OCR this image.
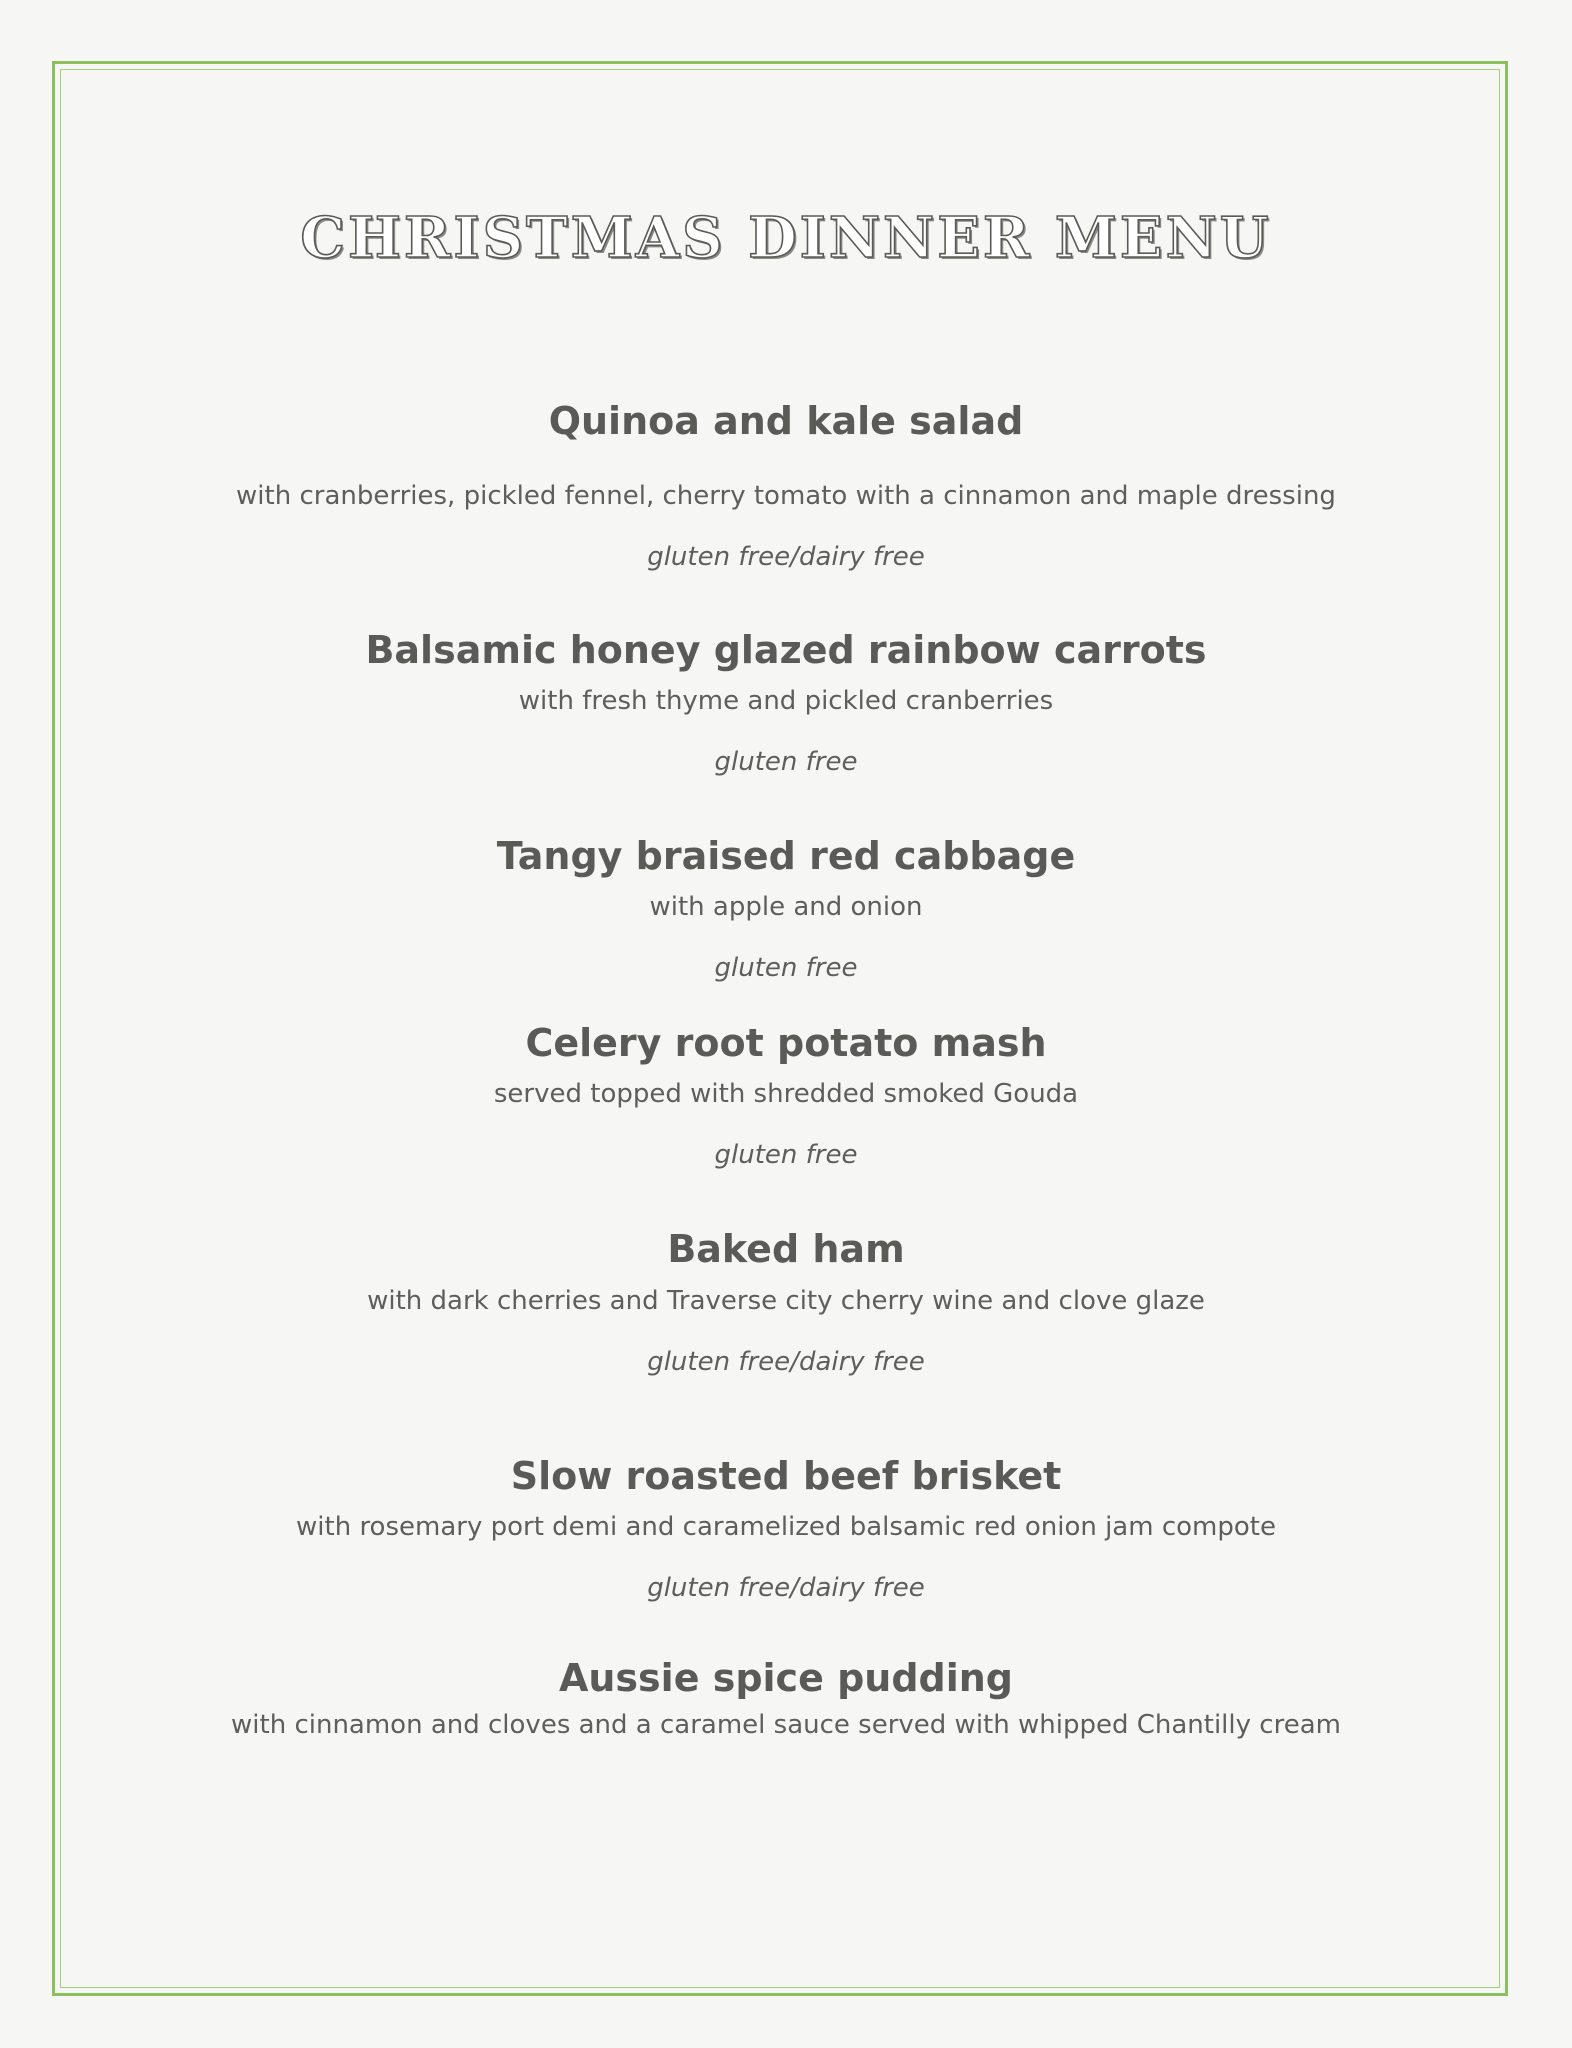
CHRISTMAS DINNER MENU
Quinoa and kale salad
with cranberries, pickled fennel, cherry tomato with a cinnamon and maple dressing
gluten free/dairy free
Balsamic honey glazed rainbow carrots
with fresh thyme and pickled cranberries
gluten free
Tangy braised red cabbage
with apple and onion
gluten free
Celery root potato mash
served topped with shredded smoked Gouda
gluten free
Baked ham
with dark cherries and Traverse city cherry wine and clove glaze
gluten free/dairy free
Slow roasted beef brisket
with rosemary port demi and caramelized balsamic red onion jam compote
gluten free/dairy free
Aussie spice pudding
with cinnamon and cloves and a caramel sauce served with whipped Chantilly cream
